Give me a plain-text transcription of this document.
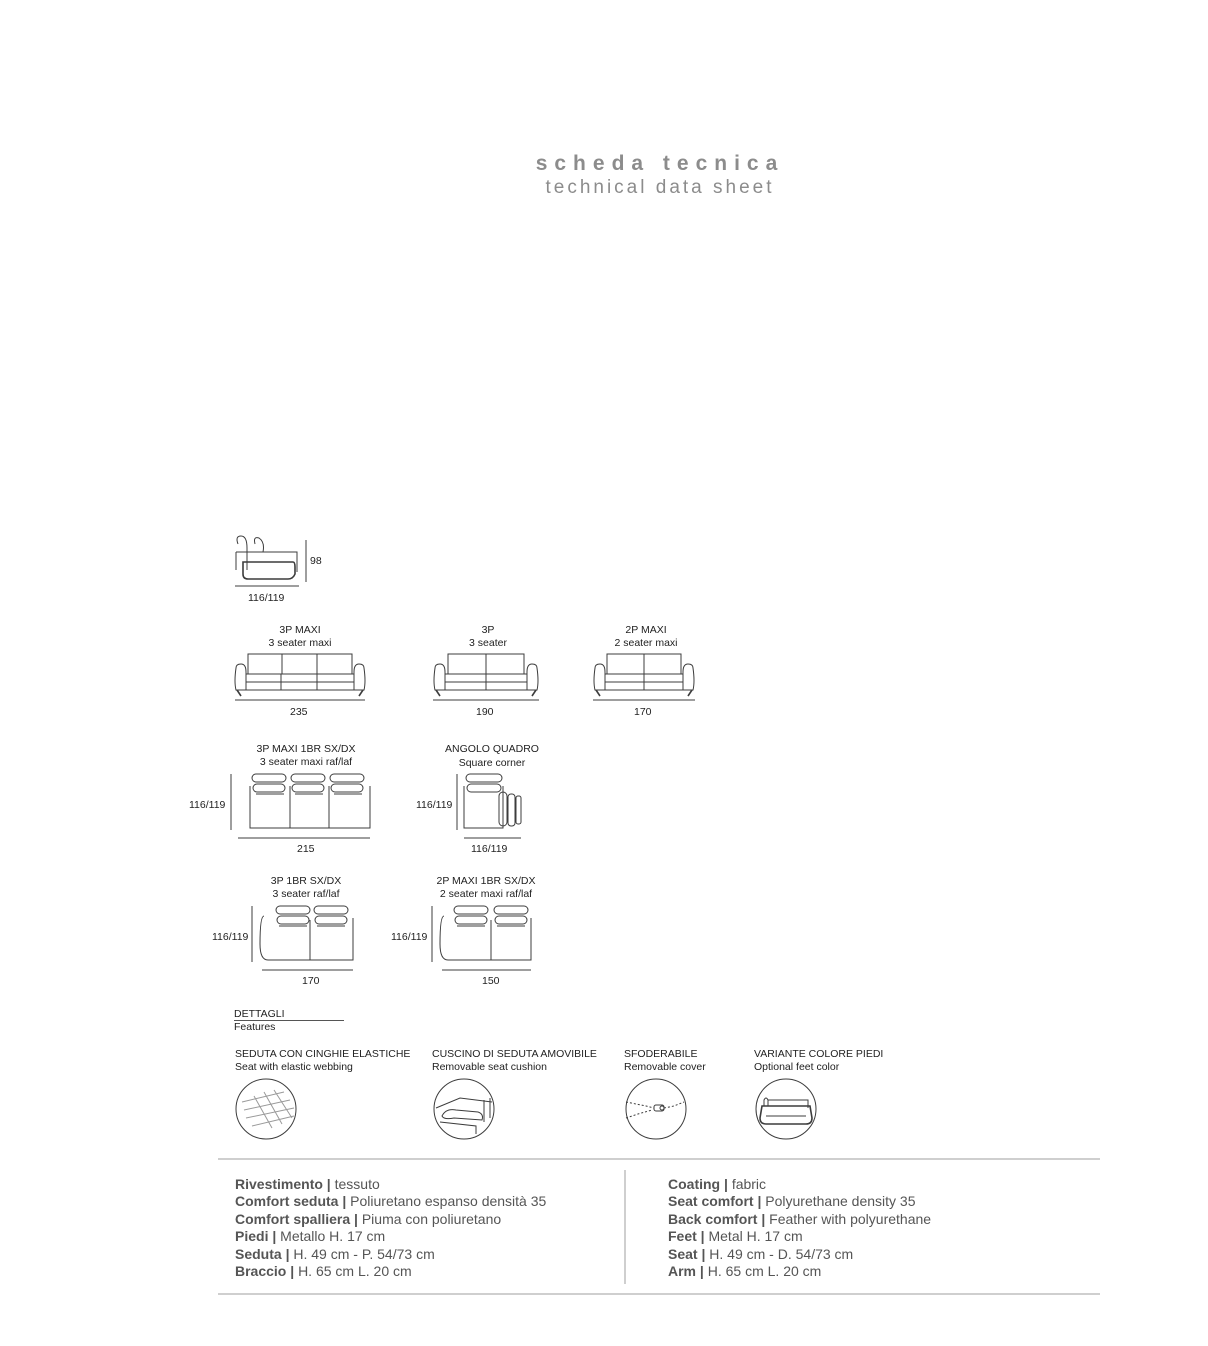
scheda tecnica
technical data sheet
98
116/119
3P MAXI
3 seater maxi
235
3P
3 seater
190
2P MAXI
2 seater maxi
170
3P MAXI 1BR SX/DX
3 seater maxi raf/laf
116/119
215
ANGOLO QUADRO
Square corner
116/119
116/119
3P 1BR SX/DX
3 seater raf/laf
116/119
170
2P MAXI 1BR SX/DX
2 seater maxi raf/laf
116/119
150
DETTAGLI
Features
SEDUTA CON CINGHIE ELASTICHE
Seat with elastic webbing
CUSCINO DI SEDUTA AMOVIBILE
Removable seat cushion
SFODERABILE
Removable cover
VARIANTE COLORE PIEDI
Optional feet color
Rivestimento | tessuto
Comfort seduta | Poliuretano espanso densità 35
Comfort spalliera | Piuma con poliuretano
Piedi | Metallo H. 17 cm
Seduta | H. 49 cm - P. 54/73 cm
Braccio | H. 65 cm L. 20 cm
Coating | fabric
Seat comfort | Polyurethane density 35
Back comfort | Feather with polyurethane
Feet | Metal H. 17 cm
Seat | H. 49 cm - D. 54/73 cm
Arm | H. 65 cm L. 20 cm
